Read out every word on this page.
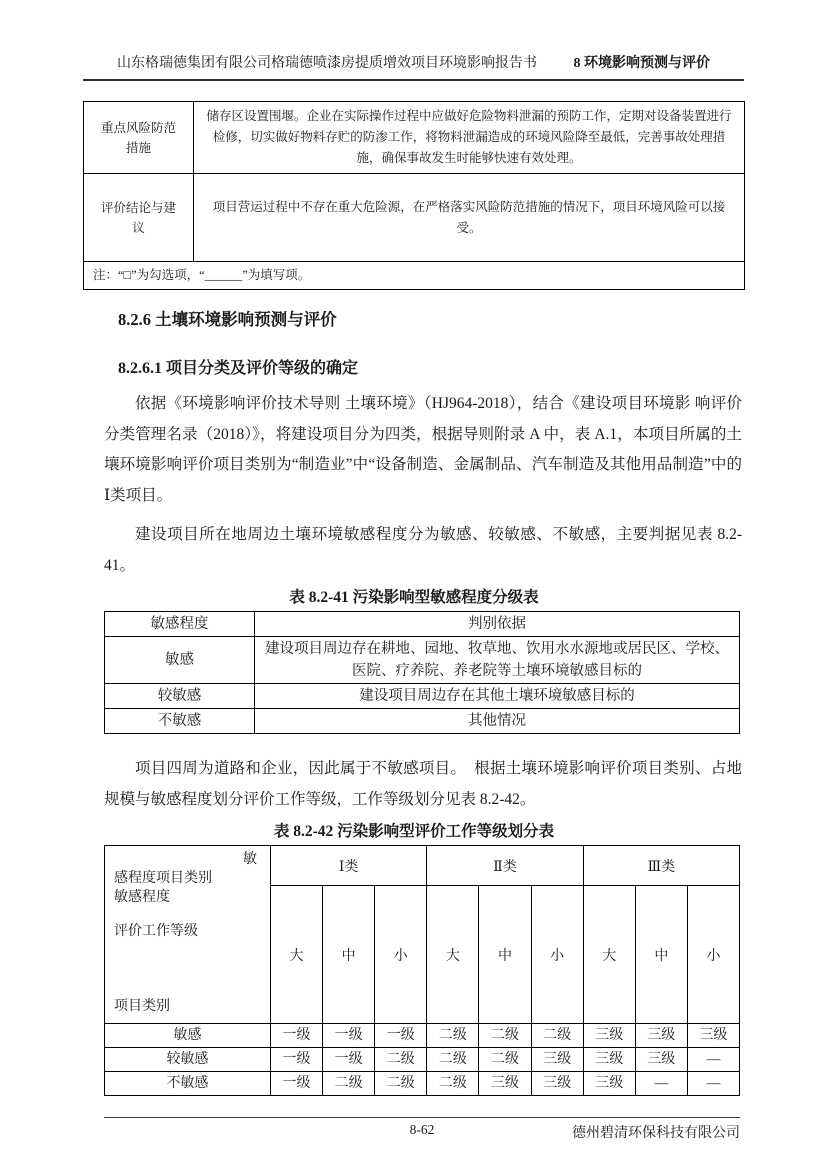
山东格瑞德集团有限公司格瑞德喷漆房提质增效项目环境影响报告书	8 环境影响预测与评价
重点风险防范措施	储存区设置围堰。企业在实际操作过程中应做好危险物料泄漏的预防工作，定期对设备装置进行检修，切实做好物料存贮的防渗工作，将物料泄漏造成的环境风险降至最低，完善事故处理措施，确保事故发生时能够快速有效处理。
评价结论与建议	项目营运过程中不存在重大危险源，在严格落实风险防范措施的情况下，项目环境风险可以接受。
注：“□”为勾选项，“______”为填写项。	
8.2.6 土壤环境影响预测与评价
8.2.6.1 项目分类及评价等级的确定

依据《环境影响评价技术导则 土壤环境》（HJ964-2018），结合《建设项目环境影 响评价分类管理名录（2018）》，将建设项目分为四类，根据导则附录 A 中，表 A.1，本项目所属的土壤环境影响评价项目类别为“制造业”中“设备制造、金属制品、汽车制造及其他用品制造”中的Ⅰ类项目。

建设项目所在地周边土壤环境敏感程度分为敏感、较敏感、不敏感，主要判据见表 8.2-41。

表 8.2-41 污染影响型敏感程度分级表
敏感程度	判别依据
敏感	建设项目周边存在耕地、园地、牧草地、饮用水水源地或居民区、学校、医院、疗养院、养老院等土壤环境敏感目标的
较敏感	建设项目周边存在其他土壤环境敏感目标的
不敏感	其他情况

项目四周为道路和企业，因此属于不敏感项目。　根据土壤环境影响评价项目类别、占地规模与敏感程度划分评价工作等级，工作等级划分见表 8.2-42。

表 8.2-42 污染影响型评价工作等级划分表
敏
感程度项目类别
敏感程度
评价工作等级
项目类别	Ⅰ类			Ⅱ类			Ⅲ类		
	大	中	小	大	中	小	大	中	小
敏感	一级	一级	一级	二级	二级	二级	三级	三级	三级
较敏感	一级	一级	二级	二级	二级	三级	三级	三级	—
不敏感	一级	二级	二级	二级	三级	三级	三级	—	—
8-62	德州碧清环保科技有限公司
